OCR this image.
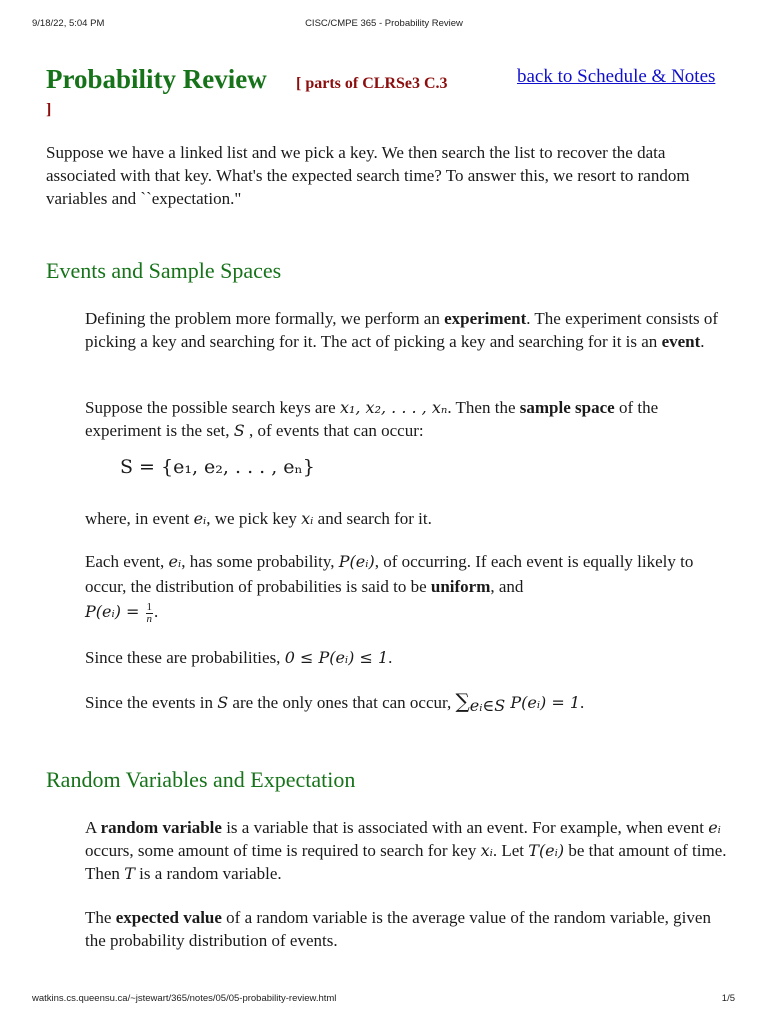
9/18/22, 5:04 PM	CISC/CMPE 365 - Probability Review
Probability Review [ parts of CLRSe3 C.3
]
back to Schedule & Notes
Suppose we have a linked list and we pick a key. We then search the list to recover the data associated with that key. What's the expected search time? To answer this, we resort to random variables and ``expectation."
Events and Sample Spaces
Defining the problem more formally, we perform an experiment. The experiment consists of picking a key and searching for it. The act of picking a key and searching for it is an event.
Suppose the possible search keys are x₁, x₂, . . . , xₙ. Then the sample space of the experiment is the set, S , of events that can occur:
S = {e₁, e₂, . . . , eₙ}
where, in event eᵢ, we pick key xᵢ and search for it.
Each event, eᵢ, has some probability, P(eᵢ), of occurring. If each event is equally likely to occur, the distribution of probabilities is said to be uniform, and
P(eᵢ) = $\frac{1}{n}$ .
Since these are probabilities, 0 ≤ P(eᵢ) ≤ 1.
Since the events in S are the only ones that can occur, $\sum_{eᵢ\in S}$ P(eᵢ) = 1.
Random Variables and Expectation
A random variable is a variable that is associated with an event. For example, when event eᵢ occurs, some amount of time is required to search for key xᵢ. Let T(eᵢ) be that amount of time. Then T is a random variable.
The expected value of a random variable is the average value of the random variable, given the probability distribution of events.
watkins.cs.queensu.ca/~jstewart/365/notes/05/05-probability-review.html	1/5
